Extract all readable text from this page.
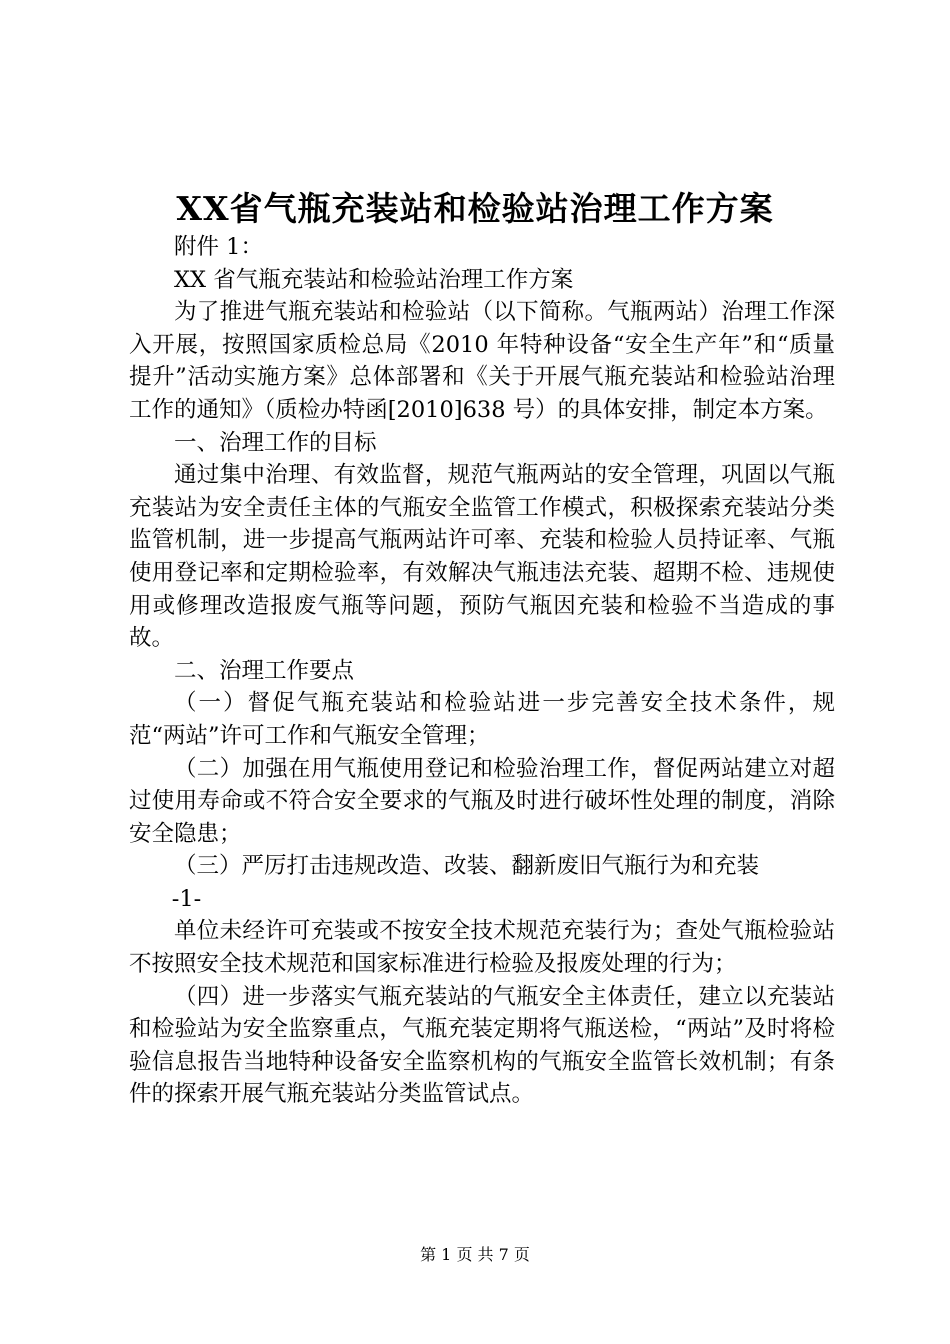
XX省气瓶充装站和检验站治理工作方案

附件 1：

XX 省气瓶充装站和检验站治理工作方案

为了推进气瓶充装站和检验站（以下简称。气瓶两站）治理工作深入开展，按照国家质检总局《2010 年特种设备“安全生产年”和“质量提升”活动实施方案》总体部署和《关于开展气瓶充装站和检验站治理工作的通知》（质检办特函[2010]638 号）的具体安排，制定本方案。

一、治理工作的目标

通过集中治理、有效监督，规范气瓶两站的安全管理，巩固以气瓶充装站为安全责任主体的气瓶安全监管工作模式，积极探索充装站分类监管机制，进一步提高气瓶两站许可率、充装和检验人员持证率、气瓶使用登记率和定期检验率，有效解决气瓶违法充装、超期不检、违规使用或修理改造报废气瓶等问题，预防气瓶因充装和检验不当造成的事故。

二、治理工作要点

（一）督促气瓶充装站和检验站进一步完善安全技术条件，规范“两站”许可工作和气瓶安全管理；

（二）加强在用气瓶使用登记和检验治理工作，督促两站建立对超过使用寿命或不符合安全要求的气瓶及时进行破坏性处理的制度，消除安全隐患；

（三）严厉打击违规改造、改装、翻新废旧气瓶行为和充装

-1-

单位未经许可充装或不按安全技术规范充装行为；查处气瓶检验站不按照安全技术规范和国家标准进行检验及报废处理的行为；

（四）进一步落实气瓶充装站的气瓶安全主体责任，建立以充装站和检验站为安全监察重点，气瓶充装定期将气瓶送检，“两站”及时将检验信息报告当地特种设备安全监察机构的气瓶安全监管长效机制；有条件的探索开展气瓶充装站分类监管试点。

第 1 页 共 7 页
